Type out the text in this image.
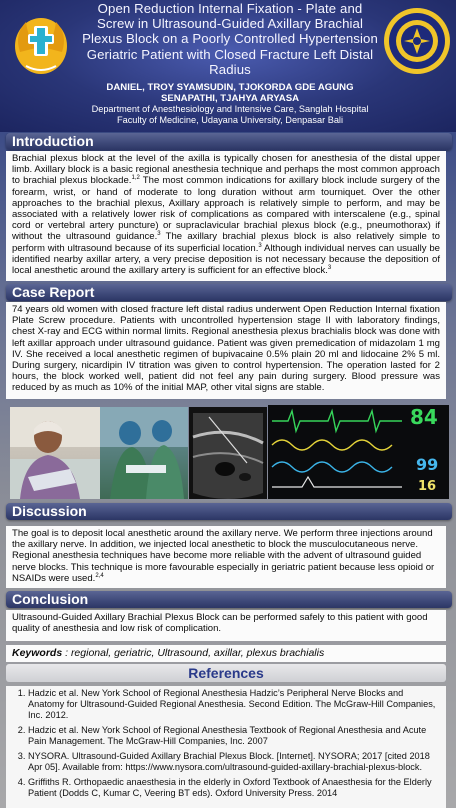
Open Reduction Internal Fixation - Plate and Screw in Ultrasound-Guided Axillary Brachial Plexus Block on a Poorly Controlled Hypertension Geriatric Patient with Closed Fracture Left Distal Radius
DANIEL, TROY SYAMSUDIN, TJOKORDA GDE AGUNG
SENAPATHI, TJAHYA ARYASA
Department of Anesthesiology and Intensive Care, Sanglah Hospital
Faculty of Medicine, Udayana University, Denpasar Bali
Introduction
Brachial plexus block at the level of the axilla is typically chosen for anesthesia of the distal upper limb. Axillary block is a basic regional anesthesia technique and perhaps the most common approach to brachial plexus blockade.$^{1,2}$ The most common indications for axillary block include surgery of the forearm, wrist, or hand of moderate to long duration without arm tourniquet. Over the other approaches to the brachial plexus, Axillary approach is relatively simple to perform, and may be associated with a relatively lower risk of complications as compared with interscalene (e.g., spinal cord or vertebral artery puncture) or supraclavicular brachial plexus block (e.g., pneumothorax) if without the ultrasound guidance.$^3$ The axillary brachial plexus block is also relatively simple to perform with ultrasound because of its superficial location.$^3$ Although individual nerves can usually be identified nearby axillar artery, a very precise deposition is not necessary because the deposition of local anesthetic around the axillary artery is sufficient for an effective block.$^3$
Case Report
74 years old women with closed fracture left distal radius underwent Open Reduction Internal fixation Plate Screw procedure. Patients with uncontrolled hypertension stage II with laboratory findings, chest X-ray and ECG within normal limits. Regional anesthesia plexus brachialis block was done with left axillar approach under ultrasound guidance. Patient was given premedication of midazolam 1 mg IV. She received a local anesthetic regimen of bupivacaine 0.5% plain 20 ml and lidocaine 2% 5 ml. During surgery, nicardipin IV titration was given to control hypertension. The operation lasted for 2 hours, the block worked well, patient did not feel any pain during surgery. Blood pressure was reduced by as much as 10% of the initial MAP, other vital signs are stable.
84
99
16
Discussion
The goal is to deposit local anesthetic around the axillary nerve. We perform three injections around the axillary nerve. In addition, we injected local anesthetic to block the musculocutaneous nerve. Regional anesthesia techniques have become more reliable with the advent of ultrasound guided nerve blocks. This technique is more favourable especially in geriatric patient because less opioid or NSAIDs were used.$^{2,4}$
Conclusion
Ultrasound-Guided Axillary Brachial Plexus Block can be performed safely to this patient with good quality of anesthesia and low risk of complication.
Keywords : regional, geriatric, Ultrasound, axillar, plexus brachialis
References
1. Hadzic et al. New York School of Regional Anesthesia Hadzic’s Peripheral Nerve Blocks and Anatomy for Ultrasound-Guided Regional Anesthesia. Second Edition. The McGraw-Hill Companies, Inc. 2012.
2. Hadzic et al. New York School of Regional Anesthesia Textbook of Regional Anesthesia and Acute Pain Management. The McGraw-Hill Companies, Inc. 2007
3. NYSORA. Ultrasound-Guided Axillary Brachial Plexus Block. [Internet]. NYSORA; 2017 [cited 2018 Apr 05]. Available from: https://www.nysora.com/ultrasound-guided-axillary-brachial-plexus-block.
4. Griffiths R. Orthopaedic anaesthesia in the elderly in Oxford Textbook of Anaesthesia for the Elderly Patient (Dodds C, Kumar C, Veering BT eds). Oxford University Press. 2014
